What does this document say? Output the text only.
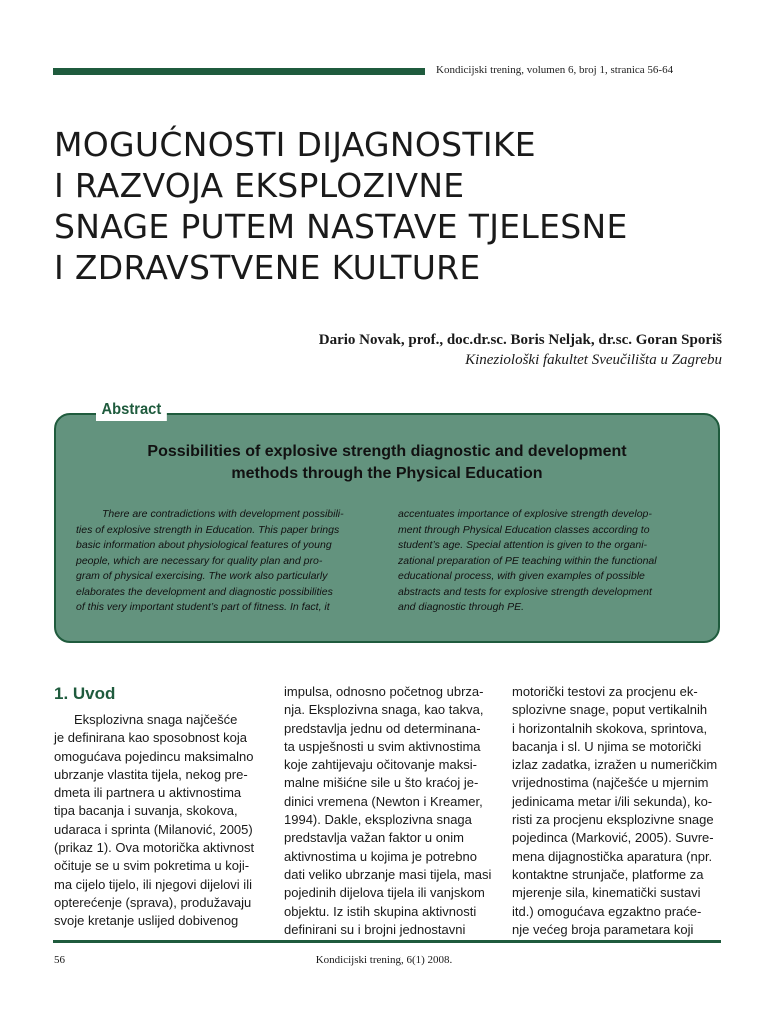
Kondicijski trening, volumen 6, broj 1, stranica 56-64
MOGUĆNOSTI DIJAGNOSTIKE
I RAZVOJA EKSPLOZIVNE
SNAGE PUTEM NASTAVE TJELESNE
I ZDRAVSTVENE KULTURE
Dario Novak, prof., doc.dr.sc. Boris Neljak, dr.sc. Goran Sporiš
Kineziološki fakultet Sveučilišta u Zagrebu
Abstract
Possibilities of explosive strength diagnostic and development
methods through the Physical Education
There are contradictions with development possibili-
ties of explosive strength in Education. This paper brings
basic information about physiological features of young
people, which are necessary for quality plan and pro-
gram of physical exercising. The work also particularly
elaborates the development and diagnostic possibilities
of this very important student’s part of fitness. In fact, it
accentuates importance of explosive strength develop-
ment through Physical Education classes according to
student’s age. Special attention is given to the organi-
zational preparation of PE teaching within the functional
educational process, with given examples of possible
abstracts and tests for explosive strength development
and diagnostic through PE.
1. Uvod
Eksplozivna snaga najčešće
je definirana kao sposobnost koja
omogućava pojedincu maksimalno
ubrzanje vlastita tijela, nekog pre-
dmeta ili partnera u aktivnostima
tipa bacanja i suvanja, skokova,
udaraca i sprinta (Milanović, 2005)
(prikaz 1). Ova motorička aktivnost
očituje se u svim pokretima u koji-
ma cijelo tijelo, ili njegovi dijelovi ili
opterećenje (sprava), produžavaju
svoje kretanje uslijed dobivenog
impulsa, odnosno početnog ubrza-
nja. Eksplozivna snaga, kao takva,
predstavlja jednu od determinana-
ta uspješnosti u svim aktivnostima
koje zahtijevaju očitovanje maksi-
malne mišićne sile u što kraćoj je-
dinici vremena (Newton i Kreamer,
1994). Dakle, eksplozivna snaga
predstavlja važan faktor u onim
aktivnostima u kojima je potrebno
dati veliko ubrzanje masi tijela, masi
pojedinih dijelova tijela ili vanjskom
objektu. Iz istih skupina aktivnosti
definirani su i brojni jednostavni
motorički testovi za procjenu ek-
splozivne snage, poput vertikalnih
i horizontalnih skokova, sprintova,
bacanja i sl. U njima se motorički
izlaz zadatka, izražen u numeričkim
vrijednostima (najčešće u mjernim
jedinicama metar i/ili sekunda), ko-
risti za procjenu eksplozivne snage
pojedinca (Marković, 2005). Suvre-
mena dijagnostička aparatura (npr.
kontaktne strunjače, platforme za
mjerenje sila, kinematički sustavi
itd.) omogućava egzaktno praće-
nje većeg broja parametara koji
Kondicijski trening, 6(1) 2008.
56
